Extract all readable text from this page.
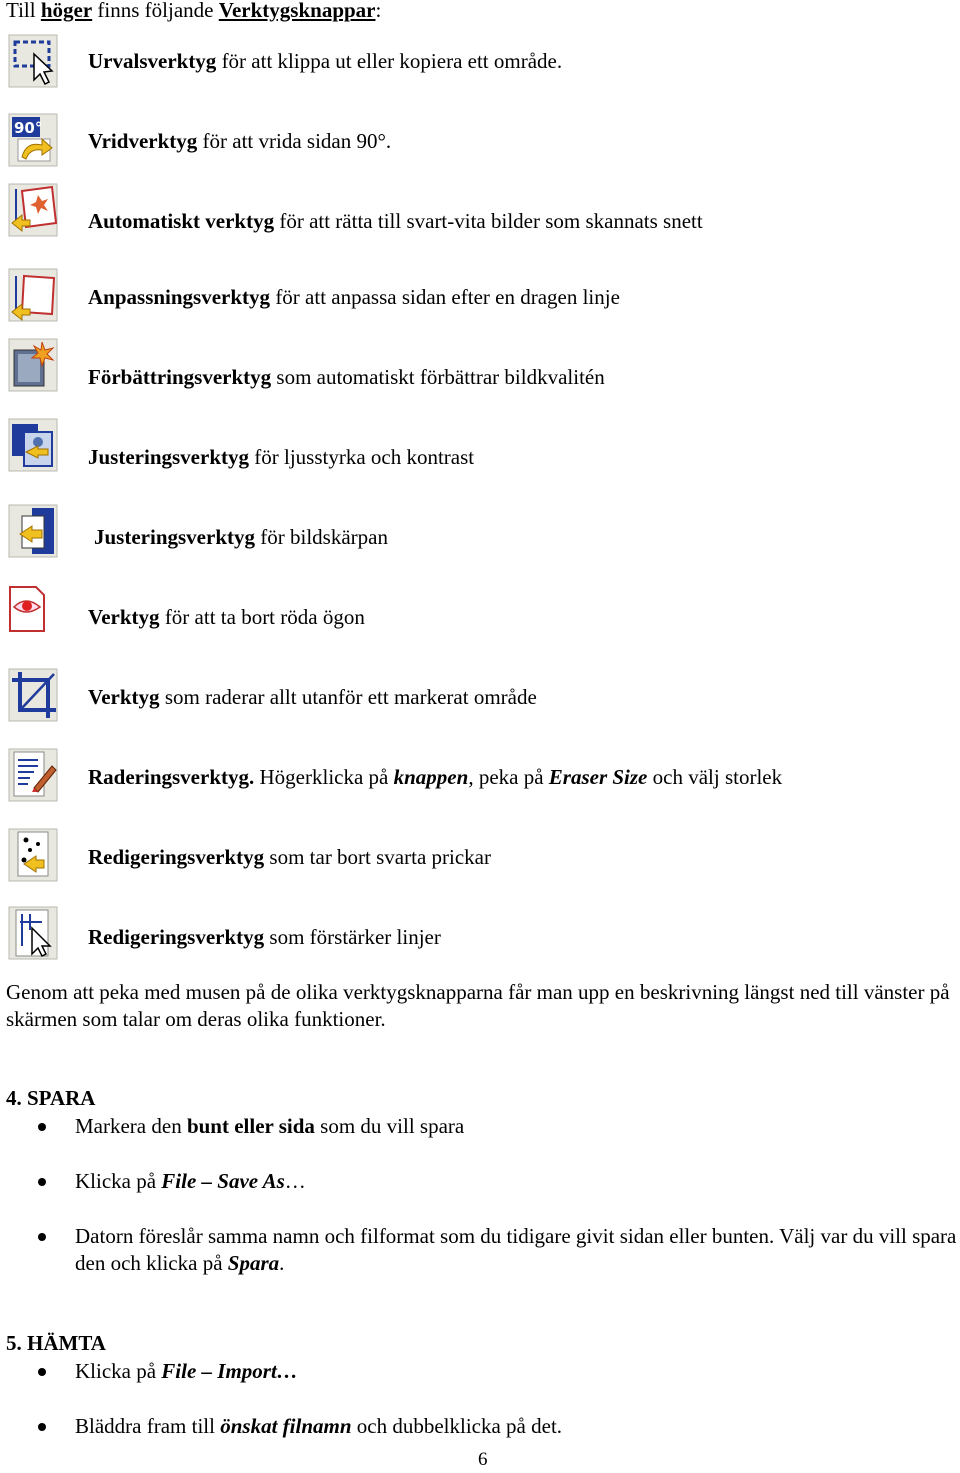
Till höger finns följande Verktygsknappar:
Urvalsverktyg för att klippa ut eller kopiera ett område.
90°
Vridverktyg för att vrida sidan 90°.
Automatiskt verktyg för att rätta till svart-vita bilder som skannats snett
Anpassningsverktyg för att anpassa sidan efter en dragen linje
Förbättringsverktyg som automatiskt förbättrar bildkvalitén
Justeringsverktyg för ljusstyrka och kontrast
Justeringsverktyg för bildskärpan
Verktyg för att ta bort röda ögon
Verktyg som raderar allt utanför ett markerat område
Raderingsverktyg. Högerklicka på knappen, peka på Eraser Size och välj storlek
Redigeringsverktyg som tar bort svarta prickar
Redigeringsverktyg som förstärker linjer
Genom att peka med musen på de olika verktygsknapparna får man upp en beskrivning längst ned till vänster på skärmen som talar om deras olika funktioner.
4. SPARA
Markera den bunt eller sida som du vill spara
Klicka på File – Save As…
Datorn föreslår samma namn och filformat som du tidigare givit sidan eller bunten. Välj var du vill spara den och klicka på Spara.
5. HÄMTA
Klicka på File – Import…
Bläddra fram till önskat filnamn och dubbelklicka på det.
6
